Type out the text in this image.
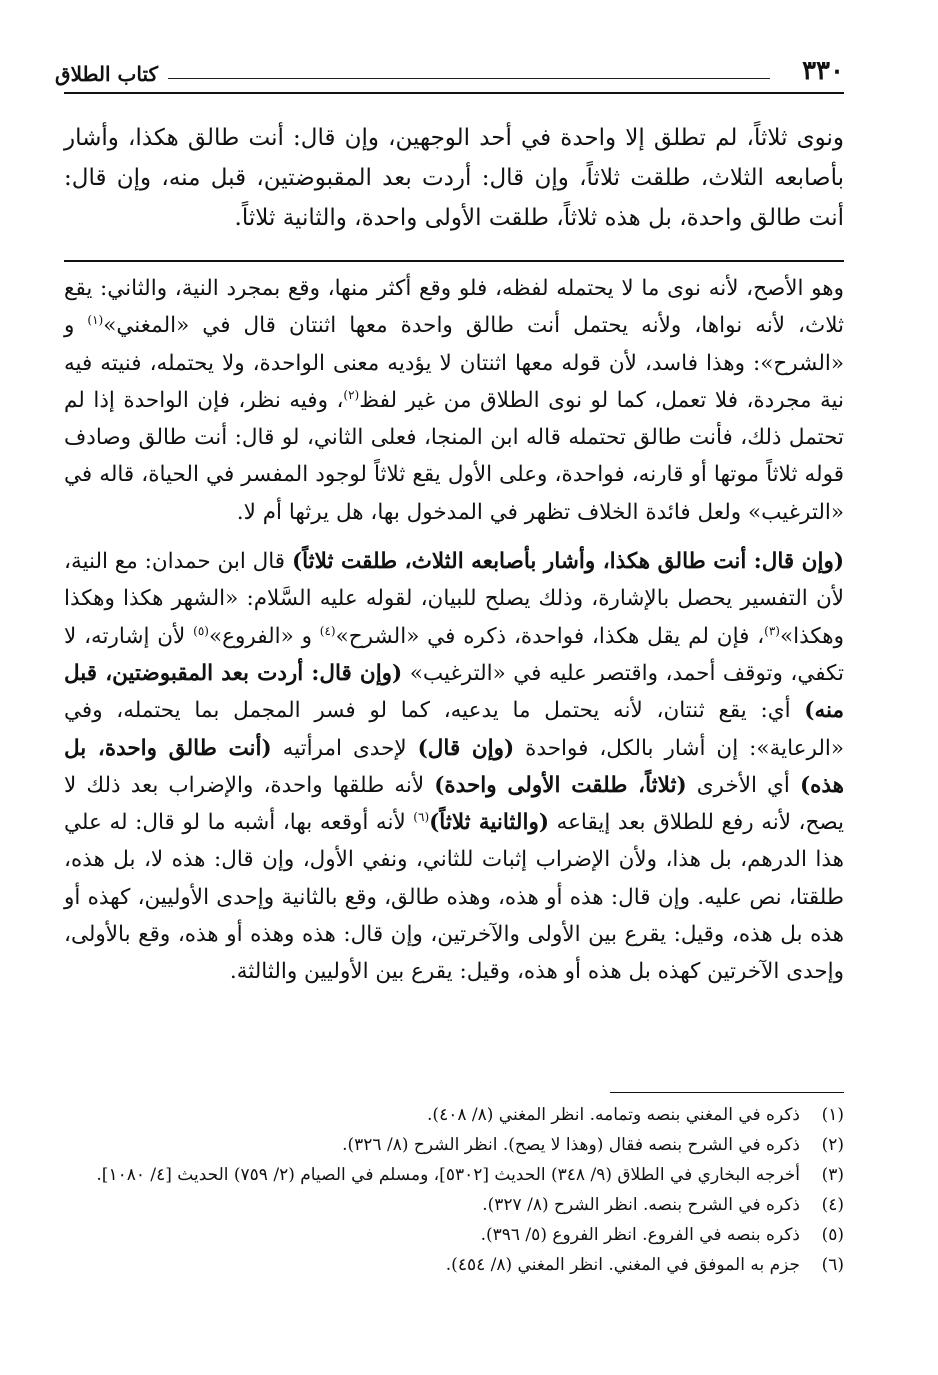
٣٣٠
كتاب الطلاق

ونوى ثلاثاً، لم تطلق إلا واحدة في أحد الوجهين، وإن قال: أنت طالق هكذا، وأشار بأصابعه الثلاث، طلقت ثلاثاً، وإن قال: أردت بعد المقبوضتين، قبل منه، وإن قال: أنت طالق واحدة، بل هذه ثلاثاً، طلقت الأولى واحدة، والثانية ثلاثاً.

وهو الأصح، لأنه نوى ما لا يحتمله لفظه، فلو وقع أكثر منها، وقع بمجرد النية، والثاني: يقع ثلاث، لأنه نواها، ولأنه يحتمل أنت طالق واحدة معها اثنتان قال في «المغني»$^{(١)}$ و «الشرح»: وهذا فاسد، لأن قوله معها اثنتان لا يؤديه معنى الواحدة، ولا يحتمله، فنيته فيه نية مجردة، فلا تعمل، كما لو نوى الطلاق من غير لفظ$^{(٢)}$، وفيه نظر، فإن الواحدة إذا لم تحتمل ذلك، فأنت طالق تحتمله قاله ابن المنجا، فعلى الثاني، لو قال: أنت طالق وصادف قوله ثلاثاً موتها أو قارنه، فواحدة، وعلى الأول يقع ثلاثاً لوجود المفسر في الحياة، قاله في «الترغيب» ولعل فائدة الخلاف تظهر في المدخول بها، هل يرثها أم لا.

(وإن قال: أنت طالق هكذا، وأشار بأصابعه الثلاث، طلقت ثلاثاً) قال ابن حمدان: مع النية، لأن التفسير يحصل بالإشارة، وذلك يصلح للبيان، لقوله عليه السَّلام: «الشهر هكذا وهكذا وهكذا»$^{(٣)}$، فإن لم يقل هكذا، فواحدة، ذكره في «الشرح»$^{(٤)}$ و «الفروع»$^{(٥)}$ لأن إشارته، لا تكفي، وتوقف أحمد، واقتصر عليه في «الترغيب» (وإن قال: أردت بعد المقبوضتين، قبل منه) أي: يقع ثنتان، لأنه يحتمل ما يدعيه، كما لو فسر المجمل بما يحتمله، وفي «الرعاية»: إن أشار بالكل، فواحدة (وإن قال) لإحدى امرأتيه (أنت طالق واحدة، بل هذه) أي الأخرى (ثلاثاً، طلقت الأولى واحدة) لأنه طلقها واحدة، والإضراب بعد ذلك لا يصح، لأنه رفع للطلاق بعد إيقاعه (والثانية ثلاثاً)$^{(٦)}$ لأنه أوقعه بها، أشبه ما لو قال: له علي هذا الدرهم، بل هذا، ولأن الإضراب إثبات للثاني، ونفي الأول، وإن قال: هذه لا، بل هذه، طلقتا، نص عليه. وإن قال: هذه أو هذه، وهذه طالق، وقع بالثانية وإحدى الأوليين، كهذه أو هذه بل هذه، وقيل: يقرع بين الأولى والآخرتين، وإن قال: هذه وهذه أو هذه، وقع بالأولى، وإحدى الآخرتين كهذه بل هذه أو هذه، وقيل: يقرع بين الأوليين والثالثة.

(١)
ذكره في المغني بنصه وتمامه. انظر المغني (٨/ ٤٠٨).
(٢)
ذكره في الشرح بنصه فقال (وهذا لا يصح). انظر الشرح (٨/ ٣٢٦).
(٣)
أخرجه البخاري في الطلاق (٩/ ٣٤٨) الحديث [٥٣٠٢]، ومسلم في الصيام (٢/ ٧٥٩) الحديث [٤/ ١٠٨٠].
(٤)
ذكره في الشرح بنصه. انظر الشرح (٨/ ٣٢٧).
(٥)
ذكره بنصه في الفروع. انظر الفروع (٥/ ٣٩٦).
(٦)
جزم به الموفق في المغني. انظر المغني (٨/ ٤٥٤).
